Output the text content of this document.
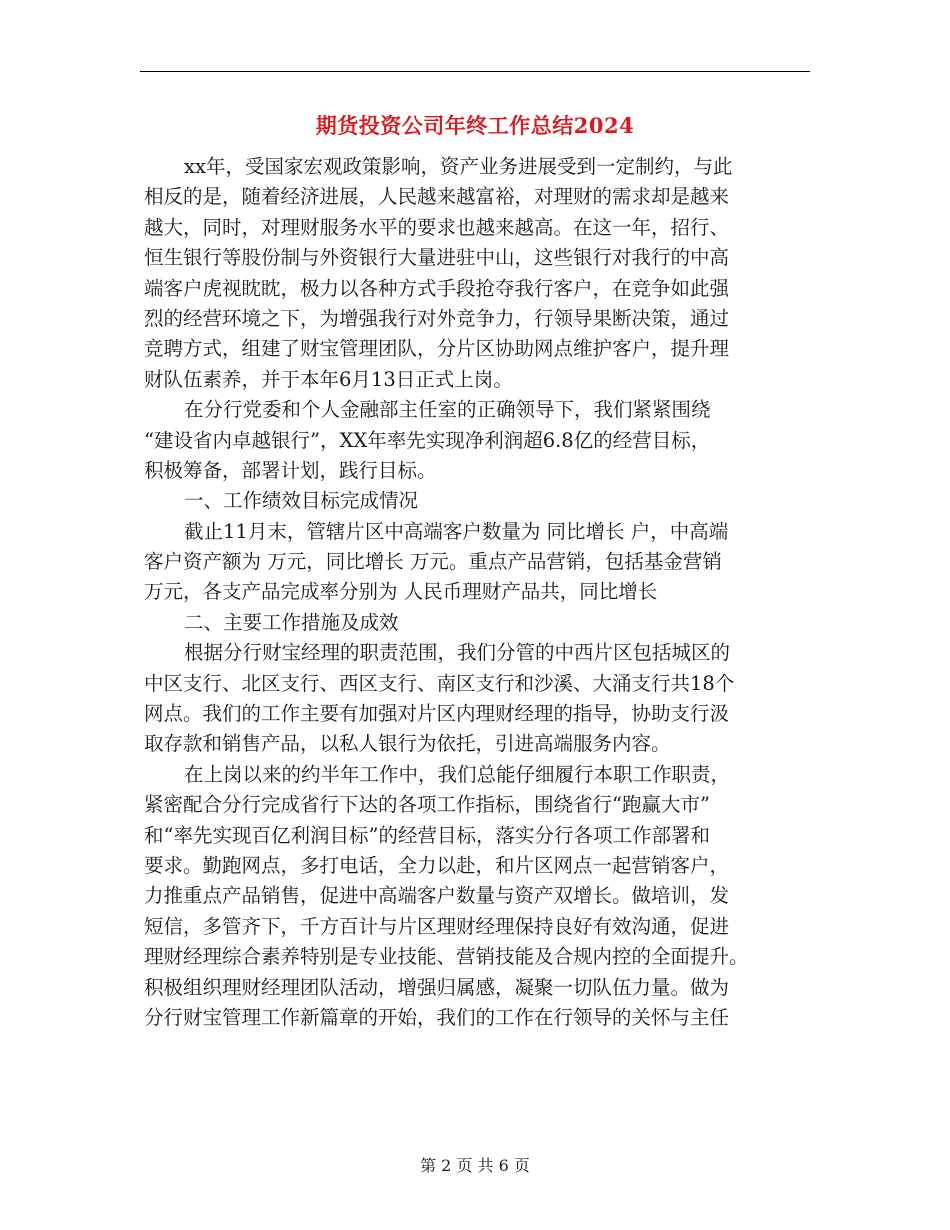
期货投资公司年终工作总结2024
xx年，受国家宏观政策影响，资产业务进展受到一定制约，与此
相反的是，随着经济进展，人民越来越富裕，对理财的需求却是越来
越大，同时，对理财服务水平的要求也越来越高。在这一年，招行、
恒生银行等股份制与外资银行大量进驻中山，这些银行对我行的中高
端客户虎视眈眈，极力以各种方式手段抢夺我行客户，在竞争如此强
烈的经营环境之下，为增强我行对外竞争力，行领导果断决策，通过
竞聘方式，组建了财宝管理团队，分片区协助网点维护客户，提升理
财队伍素养，并于本年6月13日正式上岗。
在分行党委和个人金融部主任室的正确领导下，我们紧紧围绕
“建设省内卓越银行”，XX年率先实现净利润超6.8亿的经营目标，
积极筹备，部署计划，践行目标。
一、工作绩效目标完成情况
截止11月末，管辖片区中高端客户数量为 同比增长 户，中高端
客户资产额为 万元，同比增长 万元。重点产品营销，包括基金营销
万元，各支产品完成率分别为 人民币理财产品共，同比增长
二、主要工作措施及成效
根据分行财宝经理的职责范围，我们分管的中西片区包括城区的
中区支行、北区支行、西区支行、南区支行和沙溪、大涌支行共18个
网点。我们的工作主要有加强对片区内理财经理的指导，协助支行汲
取存款和销售产品，以私人银行为依托，引进高端服务内容。
在上岗以来的约半年工作中，我们总能仔细履行本职工作职责，
紧密配合分行完成省行下达的各项工作指标，围绕省行“跑赢大市”
和“率先实现百亿利润目标”的经营目标，落实分行各项工作部署和
要求。勤跑网点，多打电话，全力以赴，和片区网点一起营销客户，
力推重点产品销售，促进中高端客户数量与资产双增长。做培训，发
短信，多管齐下，千方百计与片区理财经理保持良好有效沟通，促进
理财经理综合素养特别是专业技能、营销技能及合规内控的全面提升。
积极组织理财经理团队活动，增强归属感，凝聚一切队伍力量。做为
分行财宝管理工作新篇章的开始，我们的工作在行领导的关怀与主任
第 2 页 共 6 页
